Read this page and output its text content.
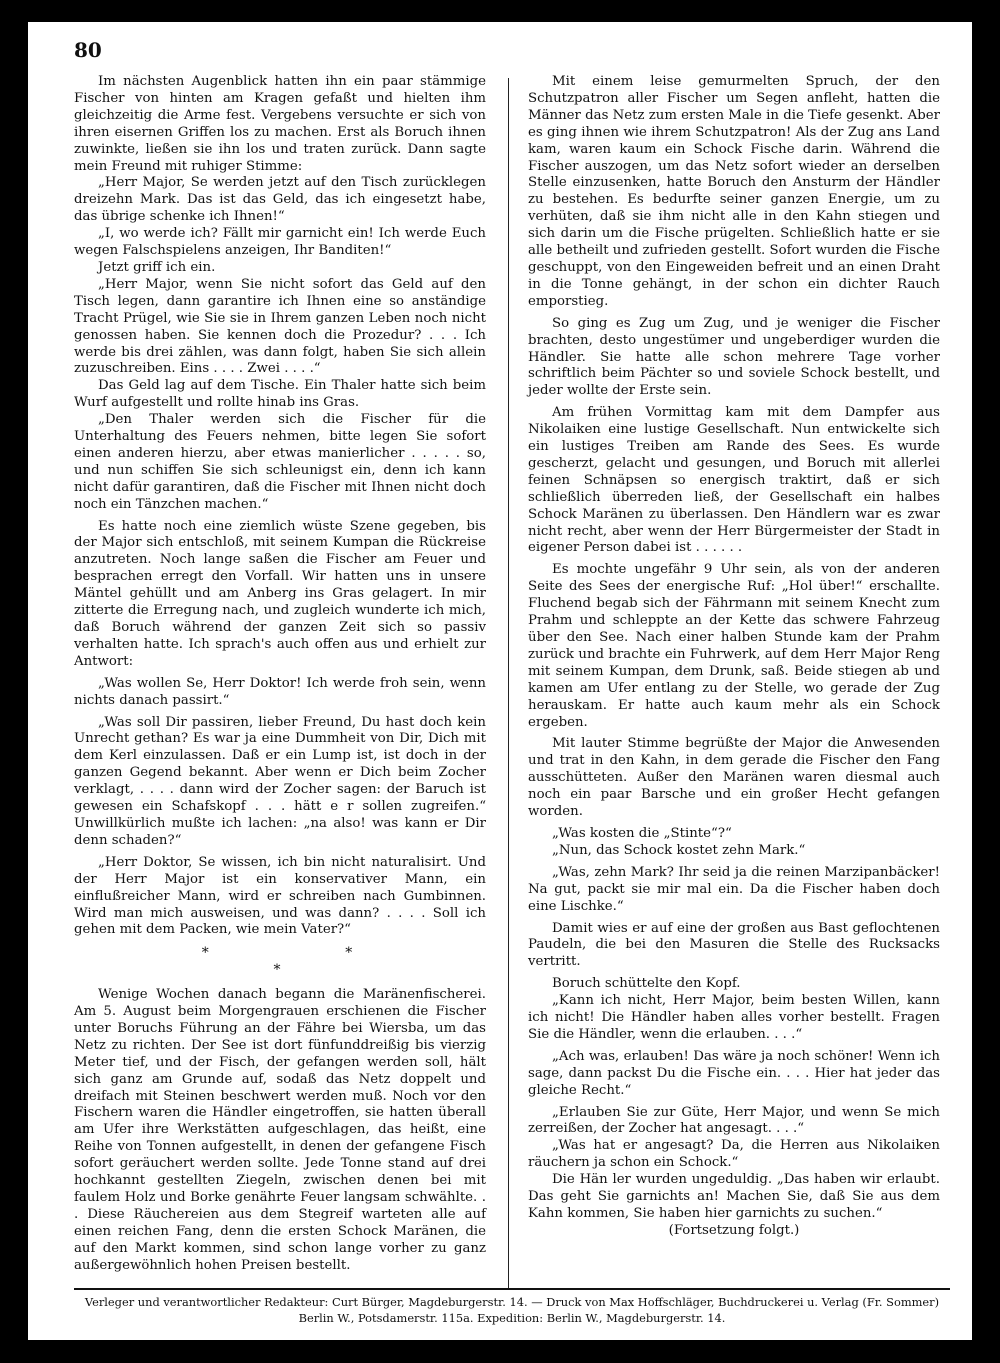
80

Im nächsten Augenblick hatten ihn ein paar stämmige Fischer von hinten am Kragen gefaßt und hielten ihm gleichzeitig die Arme fest. Vergebens versuchte er sich von ihren eisernen Griffen los zu machen. Erst als Boruch ihnen zuwinkte, ließen sie ihn los und traten zurück. Dann sagte mein Freund mit ruhiger Stimme:

„Herr Major, Se werden jetzt auf den Tisch zurücklegen dreizehn Mark. Das ist das Geld, das ich eingesetzt habe, das übrige schenke ich Ihnen!“

„I, wo werde ich? Fällt mir garnicht ein! Ich werde Euch wegen Falschspielens anzeigen, Ihr Banditen!“

Jetzt griff ich ein.

„Herr Major, wenn Sie nicht sofort das Geld auf den Tisch legen, dann garantire ich Ihnen eine so anständige Tracht Prügel, wie Sie sie in Ihrem ganzen Leben noch nicht genossen haben. Sie kennen doch die Prozedur? . . . Ich werde bis drei zählen, was dann folgt, haben Sie sich allein zuzuschreiben. Eins . . . . Zwei . . . .“

Das Geld lag auf dem Tische. Ein Thaler hatte sich beim Wurf aufgestellt und rollte hinab ins Gras.

„Den Thaler werden sich die Fischer für die Unterhaltung des Feuers nehmen, bitte legen Sie sofort einen anderen hierzu, aber etwas manierlicher . . . . . so, und nun schiffen Sie sich schleunigst ein, denn ich kann nicht dafür garantiren, daß die Fischer mit Ihnen nicht doch noch ein Tänzchen machen.“

Es hatte noch eine ziemlich wüste Szene gegeben, bis der Major sich entschloß, mit seinem Kumpan die Rückreise anzutreten. Noch lange saßen die Fischer am Feuer und besprachen erregt den Vorfall. Wir hatten uns in unsere Mäntel gehüllt und am Anberg ins Gras gelagert. In mir zitterte die Erregung nach, und zugleich wunderte ich mich, daß Boruch während der ganzen Zeit sich so passiv verhalten hatte. Ich sprach's auch offen aus und erhielt zur Antwort:

„Was wollen Se, Herr Doktor! Ich werde froh sein, wenn nichts danach passirt.“

„Was soll Dir passiren, lieber Freund, Du hast doch kein Unrecht gethan? Es war ja eine Dummheit von Dir, Dich mit dem Kerl einzulassen. Daß er ein Lump ist, ist doch in der ganzen Gegend bekannt. Aber wenn er Dich beim Zocher verklagt, . . . . dann wird der Zocher sagen: der Baruch ist gewesen ein Schafskopf . . . hätt e r sollen zugreifen.“ Unwillkürlich mußte ich lachen: „na also! was kann er Dir denn schaden?“

„Herr Doktor, Se wissen, ich bin nicht naturalisirt. Und der Herr Major ist ein konservativer Mann, ein einflußreicher Mann, wird er schreiben nach Gumbinnen. Wird man mich ausweisen, und was dann? . . . . Soll ich gehen mit dem Packen, wie mein Vater?“

* * *

Wenige Wochen danach begann die Maränenfischerei. Am 5. August beim Morgengrauen erschienen die Fischer unter Boruchs Führung an der Fähre bei Wiersba, um das Netz zu richten. Der See ist dort fünfunddreißig bis vierzig Meter tief, und der Fisch, der gefangen werden soll, hält sich ganz am Grunde auf, sodaß das Netz doppelt und dreifach mit Steinen beschwert werden muß. Noch vor den Fischern waren die Händler eingetroffen, sie hatten überall am Ufer ihre Werkstätten aufgeschlagen, das heißt, eine Reihe von Tonnen aufgestellt, in denen der gefangene Fisch sofort geräuchert werden sollte. Jede Tonne stand auf drei hochkannt gestellten Ziegeln, zwischen denen bei mit faulem Holz und Borke genährte Feuer langsam schwählte. . . Diese Räuchereien aus dem Stegreif warteten alle auf einen reichen Fang, denn die ersten Schock Maränen, die auf den Markt kommen, sind schon lange vorher zu ganz außergewöhnlich hohen Preisen bestellt.

Mit einem leise gemurmelten Spruch, der den Schutzpatron aller Fischer um Segen anfleht, hatten die Männer das Netz zum ersten Male in die Tiefe gesenkt. Aber es ging ihnen wie ihrem Schutzpatron! Als der Zug ans Land kam, waren kaum ein Schock Fische darin. Während die Fischer auszogen, um das Netz sofort wieder an derselben Stelle einzusenken, hatte Boruch den Ansturm der Händler zu bestehen. Es bedurfte seiner ganzen Energie, um zu verhüten, daß sie ihm nicht alle in den Kahn stiegen und sich darin um die Fische prügelten. Schließlich hatte er sie alle betheilt und zufrieden gestellt. Sofort wurden die Fische geschuppt, von den Eingeweiden befreit und an einen Draht in die Tonne gehängt, in der schon ein dichter Rauch emporstieg.

So ging es Zug um Zug, und je weniger die Fischer brachten, desto ungestümer und ungeberdiger wurden die Händler. Sie hatte alle schon mehrere Tage vorher schriftlich beim Pächter so und soviele Schock bestellt, und jeder wollte der Erste sein.

Am frühen Vormittag kam mit dem Dampfer aus Nikolaiken eine lustige Gesellschaft. Nun entwickelte sich ein lustiges Treiben am Rande des Sees. Es wurde gescherzt, gelacht und gesungen, und Boruch mit allerlei feinen Schnäpsen so energisch traktirt, daß er sich schließlich überreden ließ, der Gesellschaft ein halbes Schock Maränen zu überlassen. Den Händlern war es zwar nicht recht, aber wenn der Herr Bürgermeister der Stadt in eigener Person dabei ist . . . . . .

Es mochte ungefähr 9 Uhr sein, als von der anderen Seite des Sees der energische Ruf: „Hol über!“ erschallte. Fluchend begab sich der Fährmann mit seinem Knecht zum Prahm und schleppte an der Kette das schwere Fahrzeug über den See. Nach einer halben Stunde kam der Prahm zurück und brachte ein Fuhrwerk, auf dem Herr Major Reng mit seinem Kumpan, dem Drunk, saß. Beide stiegen ab und kamen am Ufer entlang zu der Stelle, wo gerade der Zug herauskam. Er hatte auch kaum mehr als ein Schock ergeben.

Mit lauter Stimme begrüßte der Major die Anwesenden und trat in den Kahn, in dem gerade die Fischer den Fang ausschütteten. Außer den Maränen waren diesmal auch noch ein paar Barsche und ein großer Hecht gefangen worden.

„Was kosten die „Stinte“?“

„Nun, das Schock kostet zehn Mark.“

„Was, zehn Mark? Ihr seid ja die reinen Marzipanbäcker! Na gut, packt sie mir mal ein. Da die Fischer haben doch eine Lischke.“

Damit wies er auf eine der großen aus Bast geflochtenen Paudeln, die bei den Masuren die Stelle des Rucksacks vertritt.

Boruch schüttelte den Kopf.

„Kann ich nicht, Herr Major, beim besten Willen, kann ich nicht! Die Händler haben alles vorher bestellt. Fragen Sie die Händler, wenn die erlauben. . . .“

„Ach was, erlauben! Das wäre ja noch schöner! Wenn ich sage, dann packst Du die Fische ein. . . . Hier hat jeder das gleiche Recht.“

„Erlauben Sie zur Güte, Herr Major, und wenn Se mich zerreißen, der Zocher hat angesagt. . . .“

„Was hat er angesagt? Da, die Herren aus Nikolaiken räuchern ja schon ein Schock.“

Die Hän ler wurden ungeduldig. „Das haben wir erlaubt. Das geht Sie garnichts an! Machen Sie, daß Sie aus dem Kahn kommen, Sie haben hier garnichts zu suchen.“

(Fortsetzung folgt.)

Verleger und verantwortlicher Redakteur: Curt Bürger, Magdeburgerstr. 14. — Druck von Max Hoffschläger, Buchdruckerei u. Verlag (Fr. Sommer)
Berlin W., Potsdamerstr. 115a. Expedition: Berlin W., Magdeburgerstr. 14.
